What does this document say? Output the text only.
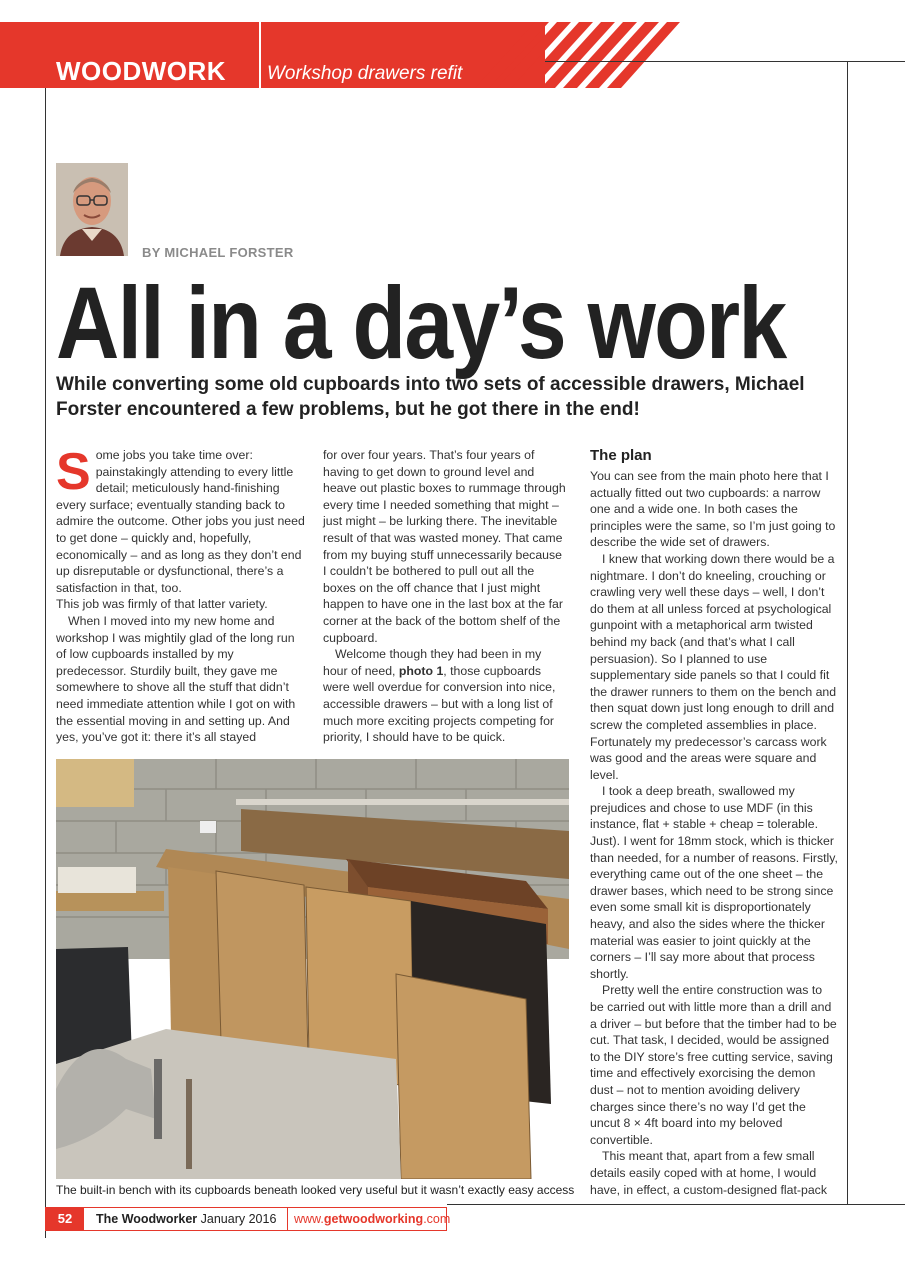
WOODWORK Workshop drawers refit
BY MICHAEL FORSTER
All in a day’s work
While converting some old cupboards into two sets of accessible drawers, Michael Forster encountered a few problems, but he got there in the end!

Some jobs you take time over: painstakingly attending to every little detail; meticulously hand-finishing every surface; eventually standing back to admire the outcome. Other jobs you just need to get done – quickly and, hopefully, economically – and as long as they don’t end up disreputable or dysfunctional, there’s a satisfaction in that, too.

This job was firmly of that latter variety.

When I moved into my new home and workshop I was mightily glad of the long run of low cupboards installed by my predecessor. Sturdily built, they gave me somewhere to shove all the stuff that didn’t need immediate attention while I got on with the essential moving in and setting up. And yes, you’ve got it: there it’s all stayed

for over four years. That’s four years of having to get down to ground level and heave out plastic boxes to rummage through every time I needed something that might – just might – be lurking there. The inevitable result of that was wasted money. That came from my buying stuff unnecessarily because I couldn’t be bothered to pull out all the boxes on the off chance that I just might happen to have one in the last box at the far corner at the back of the bottom shelf of the cupboard.

Welcome though they had been in my hour of need, photo 1, those cupboards were well overdue for conversion into nice, accessible drawers – but with a long list of much more exciting projects competing for priority, I should have to be quick.

The plan

You can see from the main photo here that I actually fitted out two cupboards: a narrow one and a wide one. In both cases the principles were the same, so I’m just going to describe the wide set of drawers.

I knew that working down there would be a nightmare. I don’t do kneeling, crouching or crawling very well these days – well, I don’t do them at all unless forced at psychological gunpoint with a metaphorical arm twisted behind my back (and that’s what I call persuasion). So I planned to use supplementary side panels so that I could fit the drawer runners to them on the bench and then squat down just long enough to drill and screw the completed assemblies in place. Fortunately my predecessor’s carcass work was good and the areas were square and level.

I took a deep breath, swallowed my prejudices and chose to use MDF (in this instance, flat + stable + cheap = tolerable. Just). I went for 18mm stock, which is thicker than needed, for a number of reasons. Firstly, everything came out of the one sheet – the drawer bases, which need to be strong since even some small kit is disproportionately heavy, and also the sides where the thicker material was easier to joint quickly at the corners – I’ll say more about that process shortly.

Pretty well the entire construction was to be carried out with little more than a drill and a driver – but before that the timber had to be cut. That task, I decided, would be assigned to the DIY store’s free cutting service, saving time and effectively exorcising the demon dust – not to mention avoiding delivery charges since there’s no way I’d get the uncut 8 × 4ft board into my beloved convertible.

This meant that, apart from a few small details easily coped with at home, I would have, in effect, a custom-designed flat-pack

The built-in bench with its cupboards beneath looked very useful but it wasn’t exactly easy access
52	The Woodworker January 2016 www.getwoodworking.com
